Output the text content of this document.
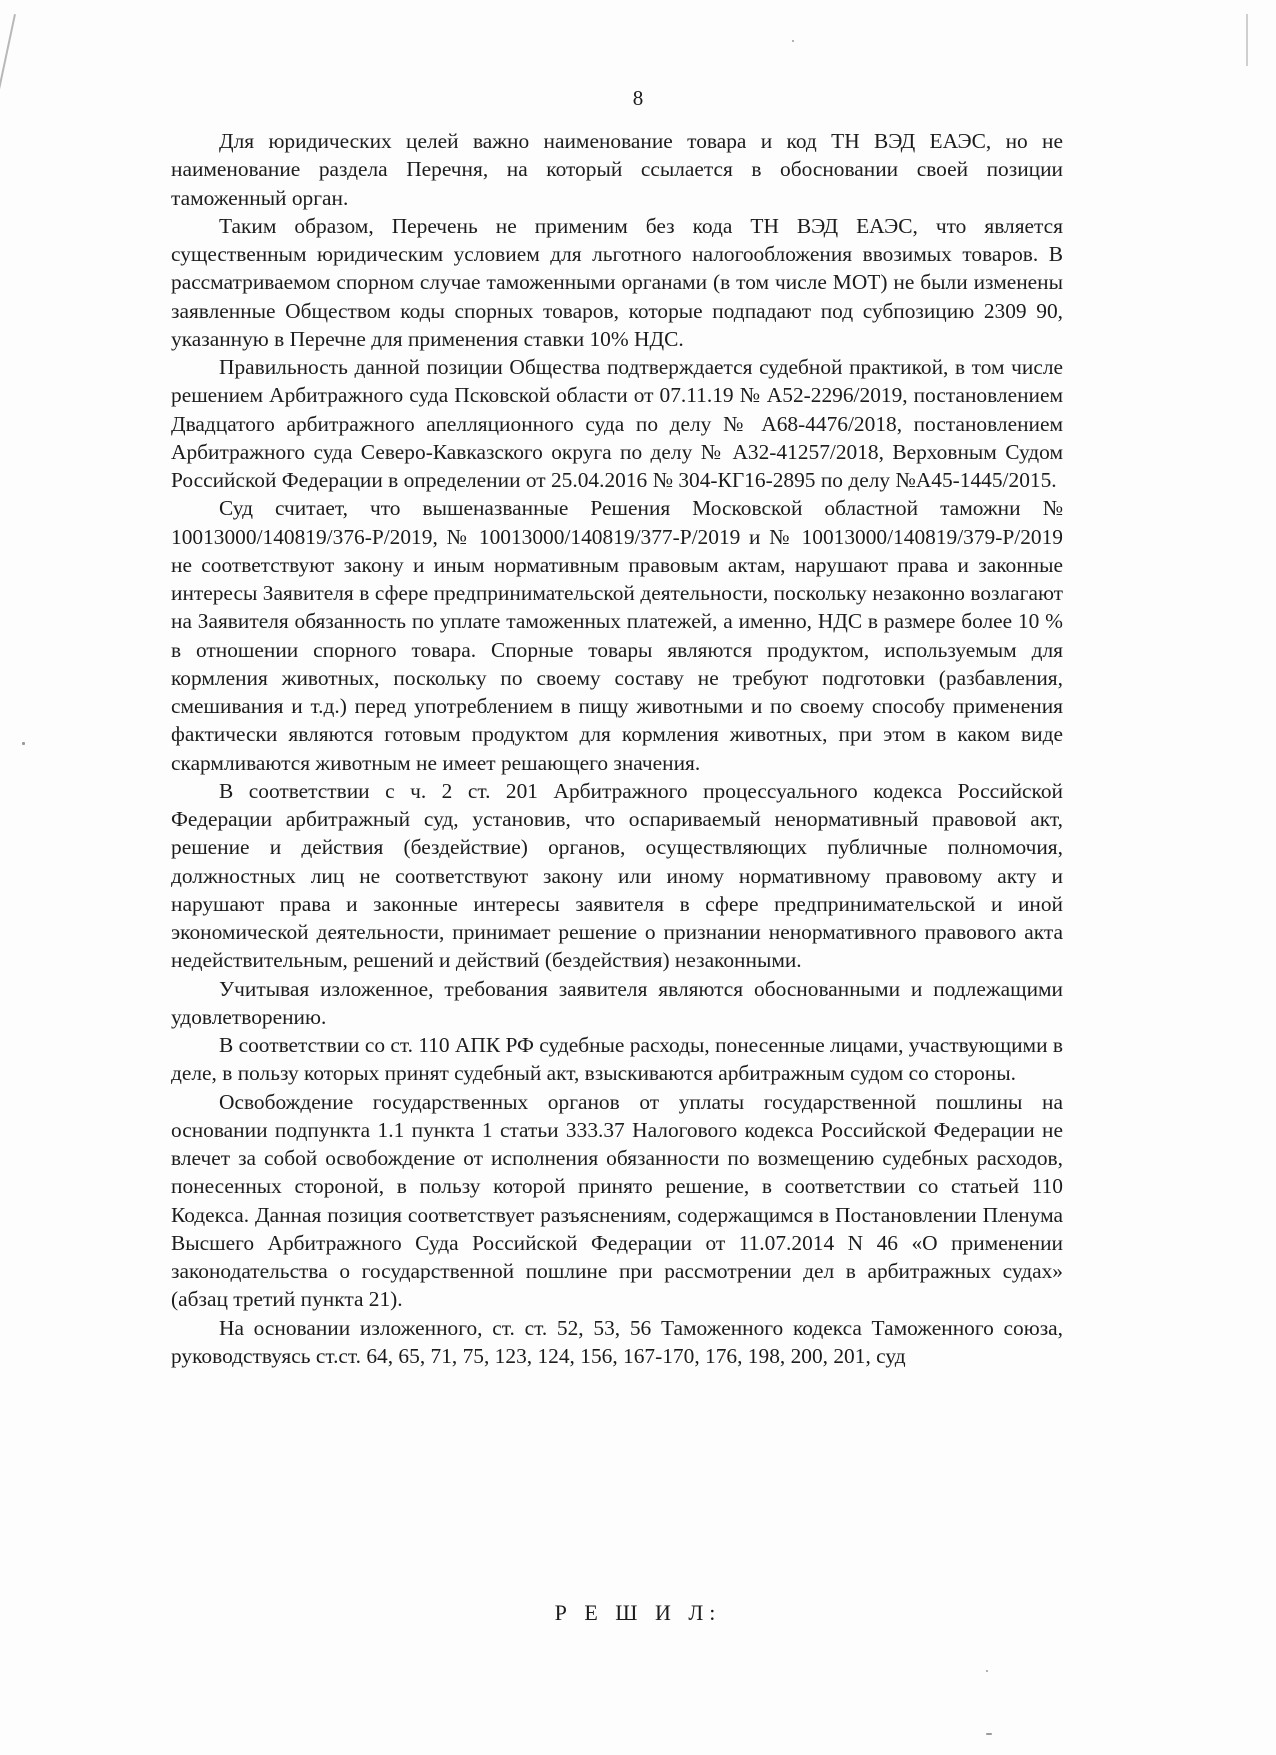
8

Для юридических целей важно наименование товара и код ТН ВЭД ЕАЭС, но не наименование раздела Перечня, на который ссылается в обосновании своей позиции таможенный орган.

Таким образом, Перечень не применим без кода ТН ВЭД ЕАЭС, что является существенным юридическим условием для льготного налогообложения ввозимых товаров. В рассматриваемом спорном случае таможенными органами (в том числе МОТ) не были изменены заявленные Обществом коды спорных товаров, которые подпадают под субпозицию 2309 90, указанную в Перечне для применения ставки 10% НДС.

Правильность данной позиции Общества подтверждается судебной практикой, в том числе решением Арбитражного суда Псковской области от 07.11.19 № А52-2296/2019, постановлением Двадцатого арбитражного апелляционного суда по делу № А68-4476/2018, постановлением Арбитражного суда Северо-Кавказского округа по делу № А32-41257/2018, Верховным Судом Российской Федерации в определении от 25.04.2016 № 304-КГ16-2895 по делу №А45-1445/2015.

Суд считает, что вышеназванные Решения Московской областной таможни № 10013000/140819/376-Р/2019, № 10013000/140819/377-Р/2019 и № 10013000/140819/379-Р/2019 не соответствуют закону и иным нормативным правовым актам, нарушают права и законные интересы Заявителя в сфере предпринимательской деятельности, поскольку незаконно возлагают на Заявителя обязанность по уплате таможенных платежей, а именно, НДС в размере более 10 % в отношении спорного товара. Спорные товары являются продуктом, используемым для кормления животных, поскольку по своему составу не требуют подготовки (разбавления, смешивания и т.д.) перед употреблением в пищу животными и по своему способу применения фактически являются готовым продуктом для кормления животных, при этом в каком виде скармливаются животным не имеет решающего значения.

В соответствии с ч. 2 ст. 201 Арбитражного процессуального кодекса Российской Федерации арбитражный суд, установив, что оспариваемый ненормативный правовой акт, решение и действия (бездействие) органов, осуществляющих публичные полномочия, должностных лиц не соответствуют закону или иному нормативному правовому акту и нарушают права и законные интересы заявителя в сфере предпринимательской и иной экономической деятельности, принимает решение о признании ненормативного правового акта недействительным, решений и действий (бездействия) незаконными.

Учитывая изложенное, требования заявителя являются обоснованными и подлежащими удовлетворению.

В соответствии со ст. 110 АПК РФ судебные расходы, понесенные лицами, участвующими в деле, в пользу которых принят судебный акт, взыскиваются арбитражным судом со стороны.

Освобождение государственных органов от уплаты государственной пошлины на основании подпункта 1.1 пункта 1 статьи 333.37 Налогового кодекса Российской Федерации не влечет за собой освобождение от исполнения обязанности по возмещению судебных расходов, понесенных стороной, в пользу которой принято решение, в соответствии со статьей 110 Кодекса. Данная позиция соответствует разъяснениям, содержащимся в Постановлении Пленума Высшего Арбитражного Суда Российской Федерации от 11.07.2014 N 46 «О применении законодательства о государственной пошлине при рассмотрении дел в арбитражных судах» (абзац третий пункта 21).

На основании изложенного, ст. ст. 52, 53, 56 Таможенного кодекса Таможенного союза, руководствуясь ст.ст. 64, 65, 71, 75, 123, 124, 156, 167-170, 176, 198, 200, 201, суд

Р Е Ш И Л:
